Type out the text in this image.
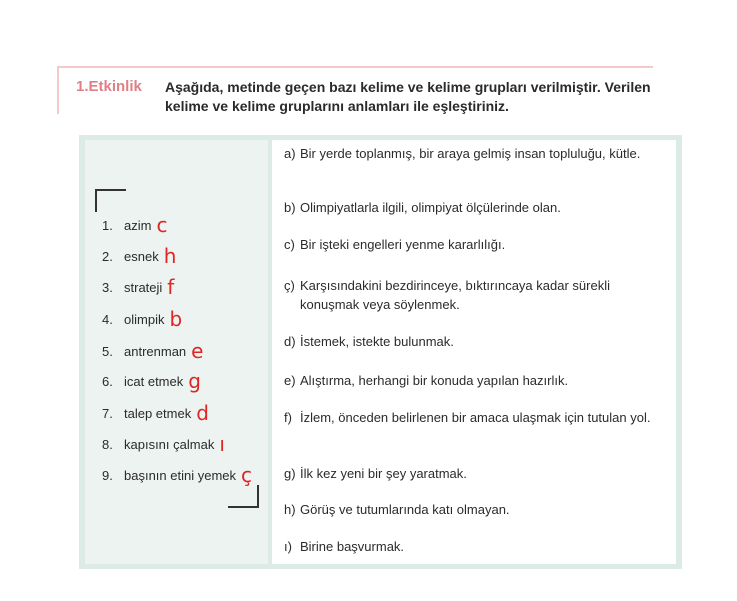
1.Etkinlik Aşağıda, metinde geçen bazı kelime ve kelime grupları verilmiştir. Verilen kelime ve kelime gruplarını anlamları ile eşleştiriniz.
1. azim c
2. esnek h
3. strateji f
4. olimpik b
5. antrenman e
6. icat etmek g
7. talep etmek d
8. kapısını çalmak ı
9. başının etini yemek ç
a) Bir yerde toplanmış, bir araya gelmiş insan topluluğu, kütle.
b) Olimpiyatlarla ilgili, olimpiyat ölçülerinde olan.
c) Bir işteki engelleri yenme kararlılığı.
ç) Karşısındakini bezdirinceye, bıktırıncaya kadar sürekli konuşmak veya söylenmek.
d) İstemek, istekte bulunmak.
e) Alıştırma, herhangi bir konuda yapılan hazırlık.
f) İzlem, önceden belirlenen bir amaca ulaşmak için tutulan yol.
g) İlk kez yeni bir şey yaratmak.
h) Görüş ve tutumlarında katı olmayan.
ı) Birine başvurmak.
